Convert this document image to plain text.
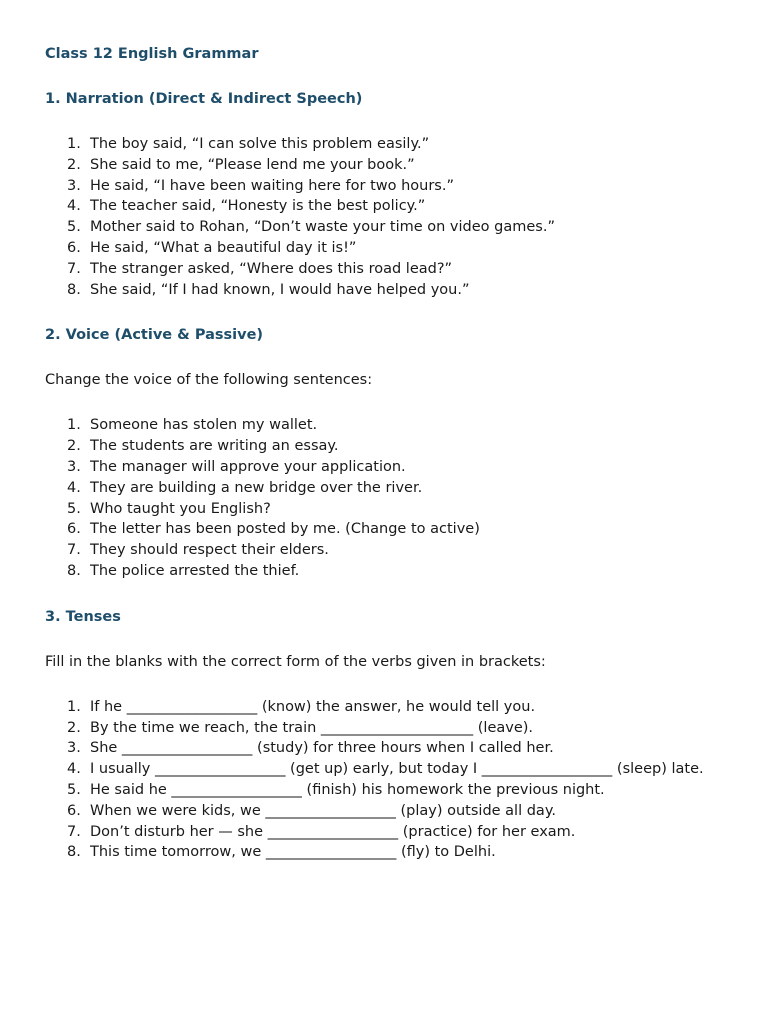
Class 12 English Grammar

1. Narration (Direct & Indirect Speech)

1. The boy said, “I can solve this problem easily.”
2. She said to me, “Please lend me your book.”
3. He said, “I have been waiting here for two hours.”
4. The teacher said, “Honesty is the best policy.”
5. Mother said to Rohan, “Don’t waste your time on video games.”
6. He said, “What a beautiful day it is!”
7. The stranger asked, “Where does this road lead?”
8. She said, “If I had known, I would have helped you.”

2. Voice (Active & Passive)

Change the voice of the following sentences:

1. Someone has stolen my wallet.
2. The students are writing an essay.
3. The manager will approve your application.
4. They are building a new bridge over the river.
5. Who taught you English?
6. The letter has been posted by me. (Change to active)
7. They should respect their elders.
8. The police arrested the thief.

3. Tenses

Fill in the blanks with the correct form of the verbs given in brackets:

1. If he __________________ (know) the answer, he would tell you.
2. By the time we reach, the train _____________________ (leave).
3. She __________________ (study) for three hours when I called her.
4. I usually __________________ (get up) early, but today I __________________ (sleep) late.
5. He said he __________________ (finish) his homework the previous night.
6. When we were kids, we __________________ (play) outside all day.
7. Don’t disturb her — she __________________ (practice) for her exam.
8. This time tomorrow, we __________________ (fly) to Delhi.
